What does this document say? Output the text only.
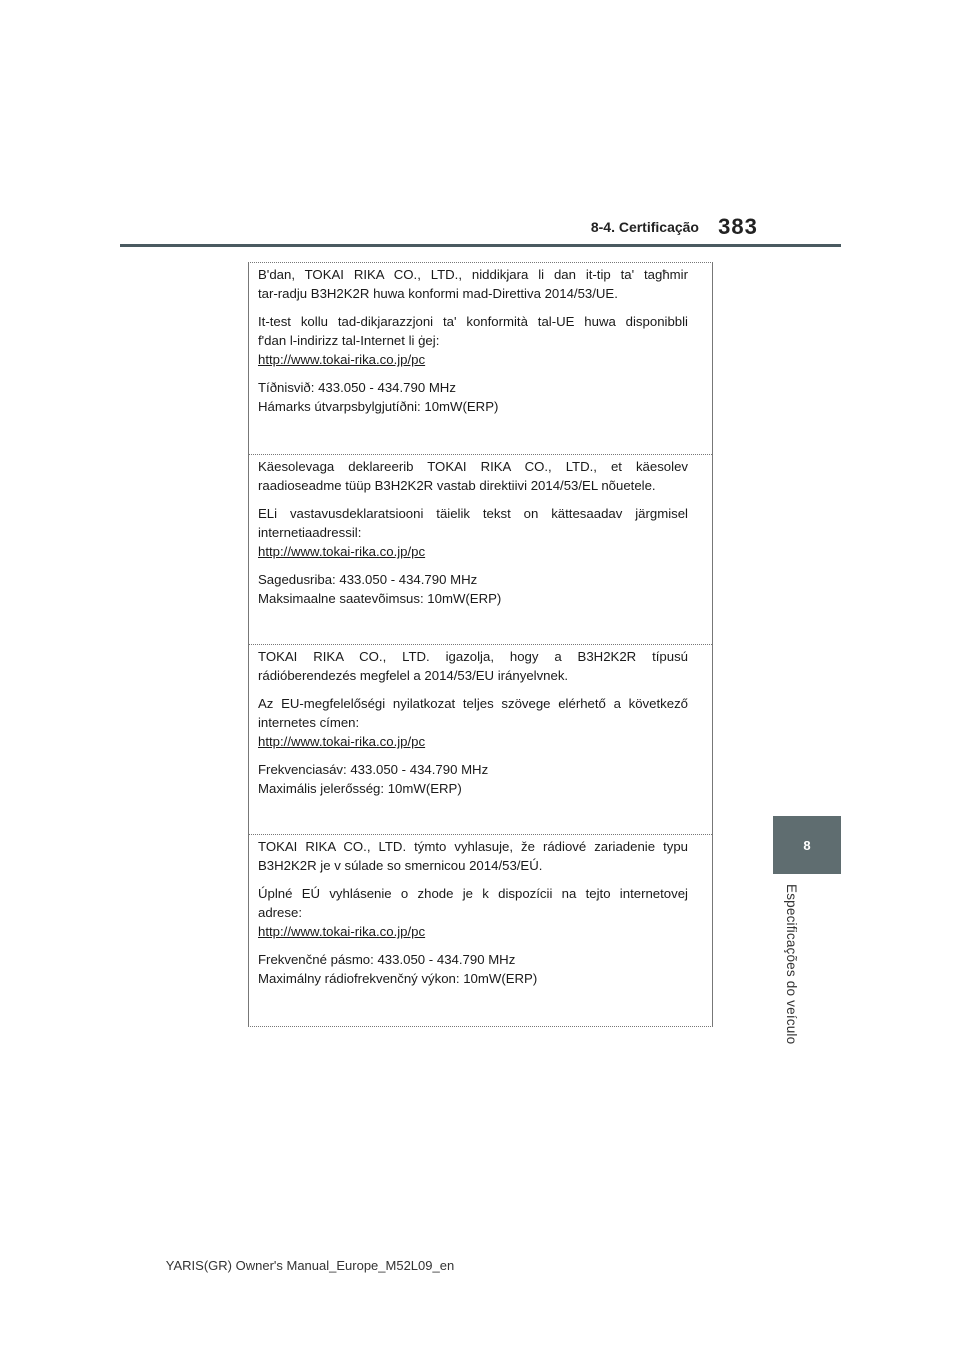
8-4. Certificação 383
8
Especificações do veículo
B'dan, TOKAI RIKA CO., LTD., niddikjara li dan it-tip ta' tagħmir
tar-radju B3H2K2R huwa konformi mad-Direttiva 2014/53/UE.
It-test kollu tad-dikjarazzjoni ta' konformità tal-UE huwa disponibbli
f'dan l-indirizz tal-Internet li ġej:
http://www.tokai-rika.co.jp/pc
Tíðnisvið: 433.050 - 434.790 MHz
Hámarks útvarpsbylgjutíðni: 10mW(ERP)
Käesolevaga deklareerib TOKAI RIKA CO., LTD., et käesolev
raadioseadme tüüp B3H2K2R vastab direktiivi 2014/53/EL nõuetele.
ELi vastavusdeklaratsiooni täielik tekst on kättesaadav järgmisel
internetiaadressil:
http://www.tokai-rika.co.jp/pc
Sagedusriba: 433.050 - 434.790 MHz
Maksimaalne saatevõimsus: 10mW(ERP)
TOKAI RIKA CO., LTD. igazolja, hogy a B3H2K2R típusú
rádióberendezés megfelel a 2014/53/EU irányelvnek.
Az EU-megfelelőségi nyilatkozat teljes szövege elérhető a következő
internetes címen:
http://www.tokai-rika.co.jp/pc
Frekvenciasáv: 433.050 - 434.790 MHz
Maximális jelerősség: 10mW(ERP)
TOKAI RIKA CO., LTD. týmto vyhlasuje, že rádiové zariadenie typu
B3H2K2R je v súlade so smernicou 2014/53/EÚ.
Úplné EÚ vyhlásenie o zhode je k dispozícii na tejto internetovej
adrese:
http://www.tokai-rika.co.jp/pc
Frekvenčné pásmo: 433.050 - 434.790 MHz
Maximálny rádiofrekvenčný výkon: 10mW(ERP)
YARIS(GR) Owner's Manual_Europe_M52L09_en
